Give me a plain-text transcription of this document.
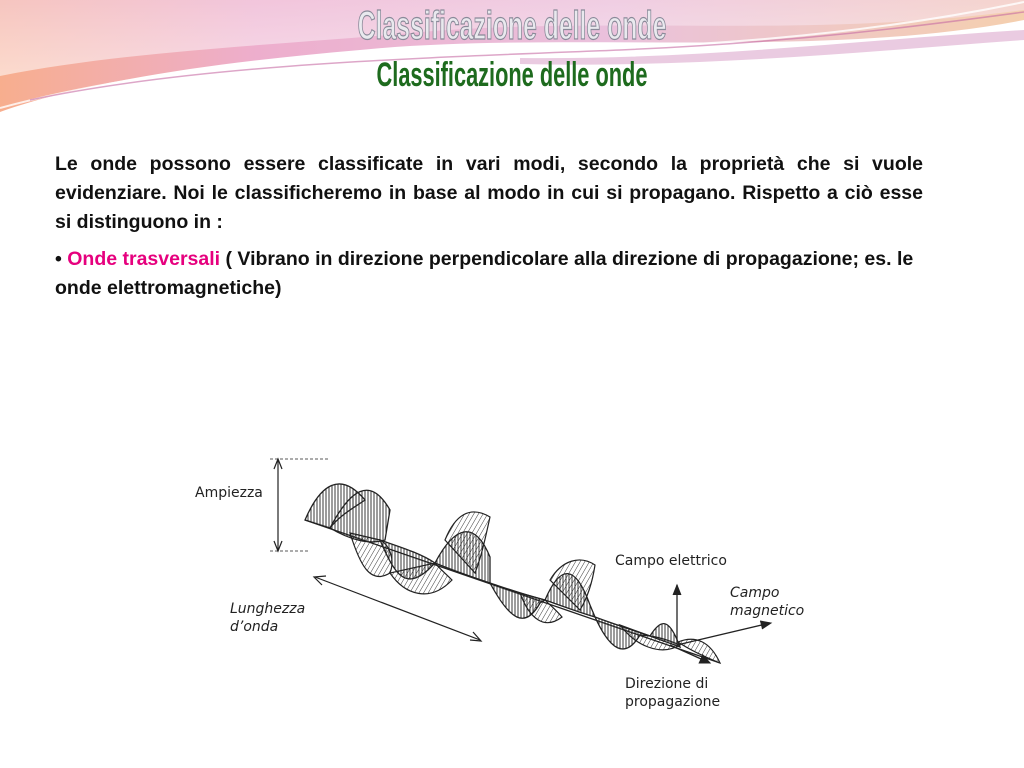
Classificazione delle onde
Classificazione delle onde

Le onde possono essere classificate in vari modi, secondo la proprietà che si vuole evidenziare. Noi le classificheremo in base al modo in cui si propagano. Rispetto a ciò esse si distinguono in :

• Onde trasversali ( Vibrano in direzione perpendicolare alla direzione di propagazione; es. le onde elettromagnetiche)

Ampiezza
Lunghezza
d’onda
Campo elettrico
Campo
magnetico
Direzione di
propagazione
